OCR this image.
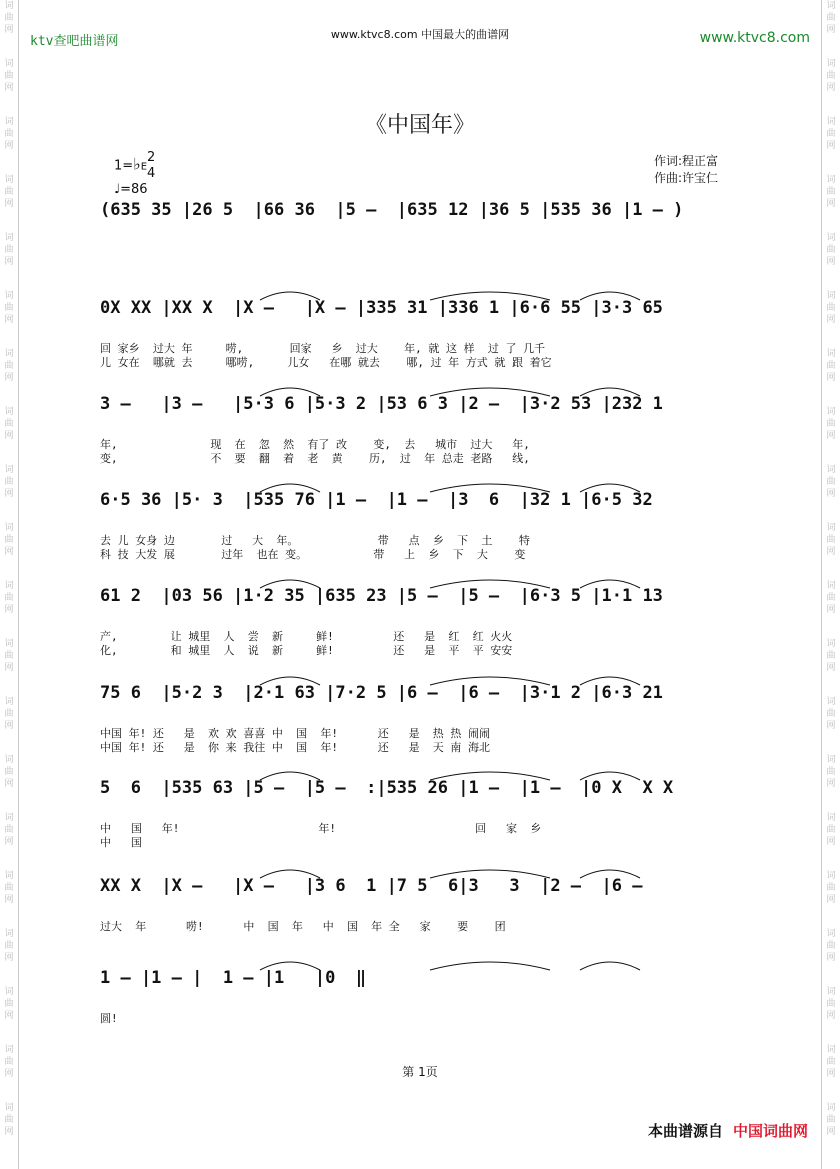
词
曲
网
词
曲
网
词
曲
网
词
曲
网
词
曲
网
词
曲
网
词
曲
网
词
曲
网
词
曲
网
词
曲
网
词
曲
网
词
曲
网
词
曲
网
词
曲
网
词
曲
网
词
曲
网
词
曲
网
词
曲
网
词
曲
网
词
曲
网
词
曲
网
词
曲
网
词
曲
网
词
曲
网
词
曲
网
词
曲
网
词
曲
网
词
曲
网
词
曲
网
词
曲
网
词
曲
网
词
曲
网
词
曲
网
词
曲
网
词
曲
网
词
曲
网
词
曲
网
词
曲
网
词
曲
网
词
曲
网
ktv查吧曲谱网	www.ktvc8.com 中国最大的曲谱网	www.ktvc8.com
《中国年》
1=♭E
2
4
♩=86
作词:程正富
作曲:许宝仁
(635 35 |26 5  |66 36  |5 –  |635 12 |36 5 |535 36 |1 – )
0X XX |XX X  |X –   |X – |335 31 |336 1 |6·6 55 |3·3 65
回 家乡  过大 年     唠,       回家   乡  过大    年, 就 这 样  过 了 几千
儿 女在  哪就 去     哪唠,     儿女   在哪 就去    哪, 过 年 方式 就 跟 着它
3 –   |3 –   |5·3 6 |5·3 2 |53 6 3 |2 –  |3·2 53 |232 1
年,              现  在  忽  然  有了 改    变,  去   城市  过大   年,
变,              不  要  翻  着  老  黄    历,  过  年 总走 老路   线,
6·5 36 |5· 3  |535 76 |1 –  |1 –  |3  6  |32 1 |6·5 32
去 儿 女身 边       过   大  年。            带   点  乡  下  土    特
科 技 大发 展       过年  也在 变。          带   上  乡  下  大    变
61 2  |03 56 |1·2 35 |635 23 |5 –  |5 –  |6·3 5 |1·1 13
产,        让 城里  人  尝  新     鲜!         还   是  红  红 火火
化,        和 城里  人  说  新     鲜!         还   是  平  平 安安
75 6  |5·2 3  |2·1 63 |7·2 5 |6 –  |6 –  |3·1 2 |6·3 21
中国 年! 还   是  欢 欢 喜喜 中  国  年!      还   是  热 热 闹闹
中国 年! 还   是  你 来 我往 中  国  年!      还   是  天 南 海北
5  6  |535 63 |5 –  |5 –  :|535 26 |1 –  |1 –  |0 X  X X
中   国   年!                     年!                     回   家  乡
中   国
XX X  |X –   |X –   |3 6  1 |7 5  6|3   3  |2 –  |6 –
过大  年      唠!      中  国  年   中  国  年 全   家    要    团
1 – |1 – |  1 – |1   |0  ‖
圆!
第 1页
本曲谱源自 中国词曲网
